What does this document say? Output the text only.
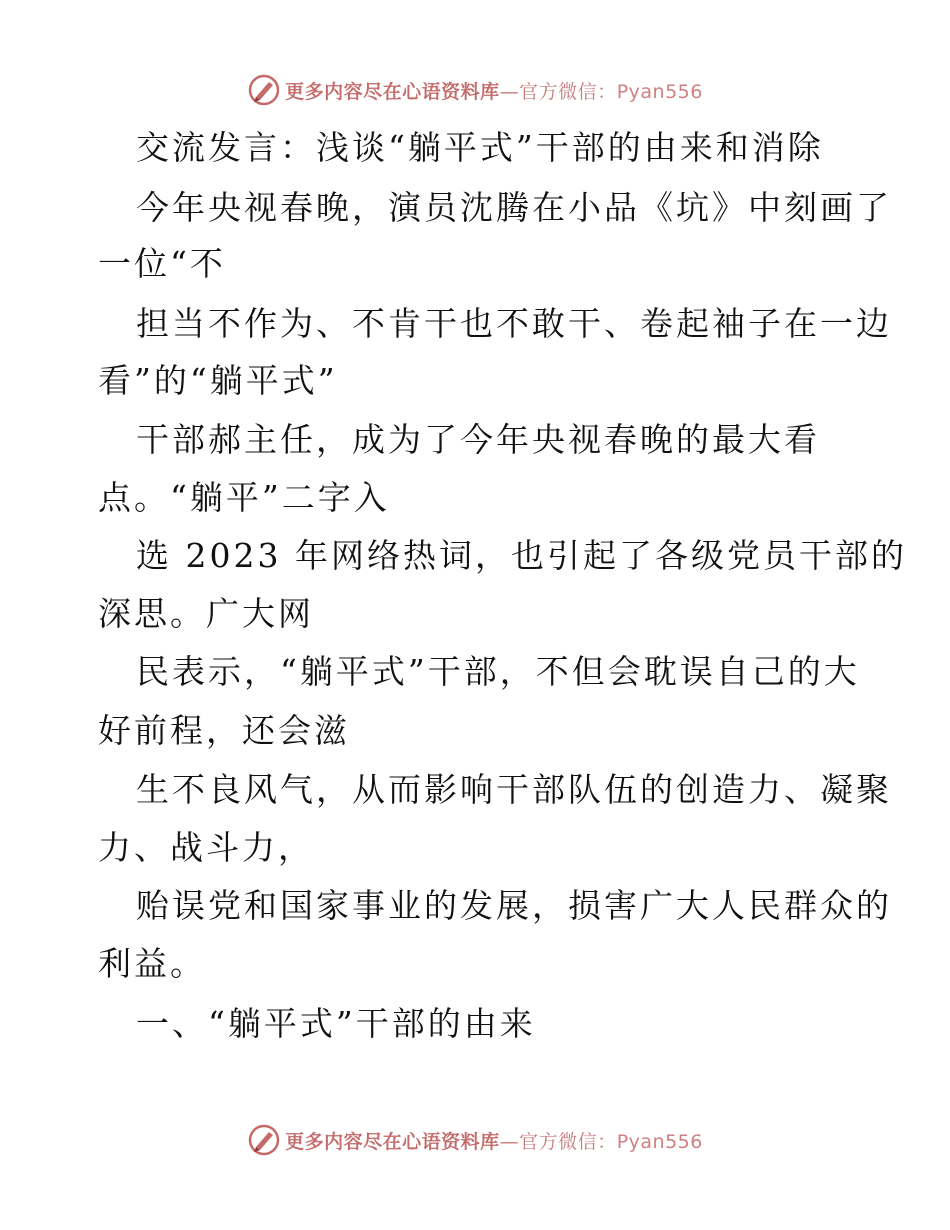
更多内容尽在心语资料库—官方微信：Pyan556
交流发言：浅谈“躺平式”干部的由来和消除
今年央视春晚，演员沈腾在小品《坑》中刻画了
一位“不
担当不作为、不肯干也不敢干、卷起袖子在一边
看”的“躺平式”
干部郝主任，成为了今年央视春晚的最大看
点。“躺平”二字入
选 2023 年网络热词，也引起了各级党员干部的
深思。广大网
民表示，“躺平式”干部，不但会耽误自己的大
好前程，还会滋
生不良风气，从而影响干部队伍的创造力、凝聚
力、战斗力，
贻误党和国家事业的发展，损害广大人民群众的
利益。
一、“躺平式”干部的由来
更多内容尽在心语资料库—官方微信：Pyan556
